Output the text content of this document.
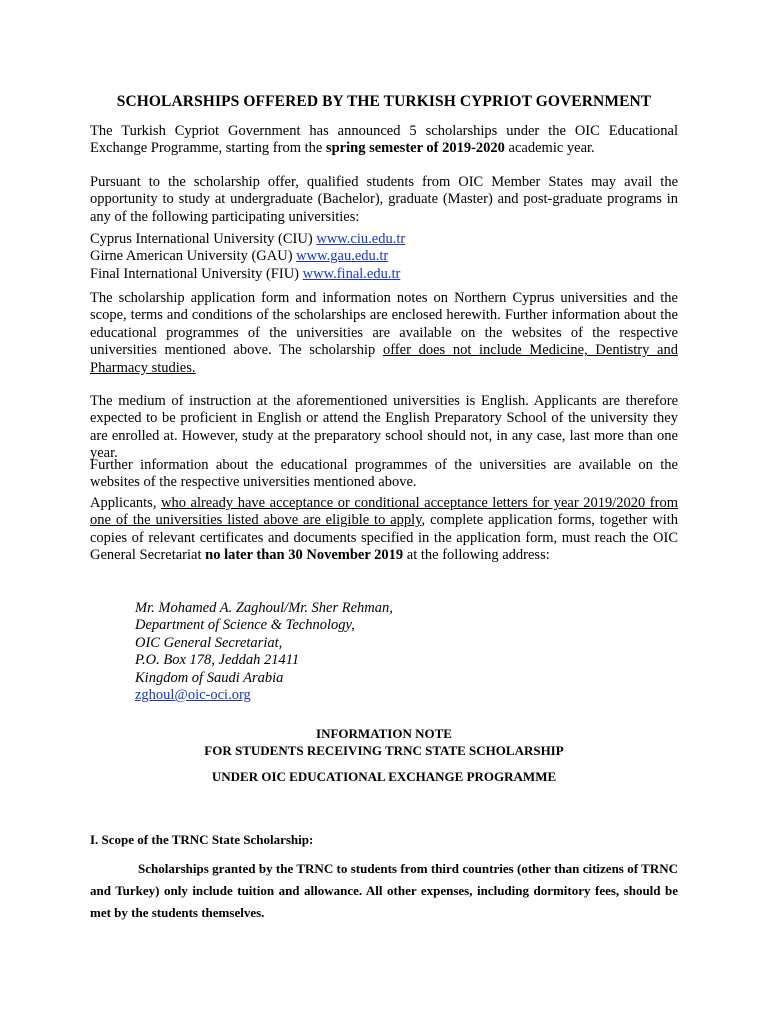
SCHOLARSHIPS OFFERED BY THE TURKISH CYPRIOT GOVERNMENT
The Turkish Cypriot Government has announced 5 scholarships under the OIC Educational Exchange Programme, starting from the spring semester of 2019-2020 academic year.
Pursuant to the scholarship offer, qualified students from OIC Member States may avail the opportunity to study at undergraduate (Bachelor), graduate (Master) and post-graduate programs in any of the following participating universities:
Cyprus International University (CIU) www.ciu.edu.tr
Girne American University (GAU) www.gau.edu.tr
Final International University (FIU) www.final.edu.tr
The scholarship application form and information notes on Northern Cyprus universities and the scope, terms and conditions of the scholarships are enclosed herewith. Further information about the educational programmes of the universities are available on the websites of the respective universities mentioned above. The scholarship offer does not include Medicine, Dentistry and Pharmacy studies.
The medium of instruction at the aforementioned universities is English. Applicants are therefore expected to be proficient in English or attend the English Preparatory School of the university they are enrolled at. However, study at the preparatory school should not, in any case, last more than one year.
Further information about the educational programmes of the universities are available on the websites of the respective universities mentioned above.
Applicants, who already have acceptance or conditional acceptance letters for year 2019/2020 from one of the universities listed above are eligible to apply, complete application forms, together with copies of relevant certificates and documents specified in the application form, must reach the OIC General Secretariat no later than 30 November 2019 at the following address:
Mr. Mohamed A. Zaghoul/Mr. Sher Rehman,
Department of Science & Technology,
OIC General Secretariat,
P.O. Box 178, Jeddah 21411
Kingdom of Saudi Arabia
zghoul@oic-oci.org
INFORMATION NOTE
FOR STUDENTS RECEIVING TRNC STATE SCHOLARSHIP
UNDER OIC EDUCATIONAL EXCHANGE PROGRAMME
I. Scope of the TRNC State Scholarship:
Scholarships granted by the TRNC to students from third countries (other than citizens of TRNC and Turkey) only include tuition and allowance. All other expenses, including dormitory fees, should be met by the students themselves.
